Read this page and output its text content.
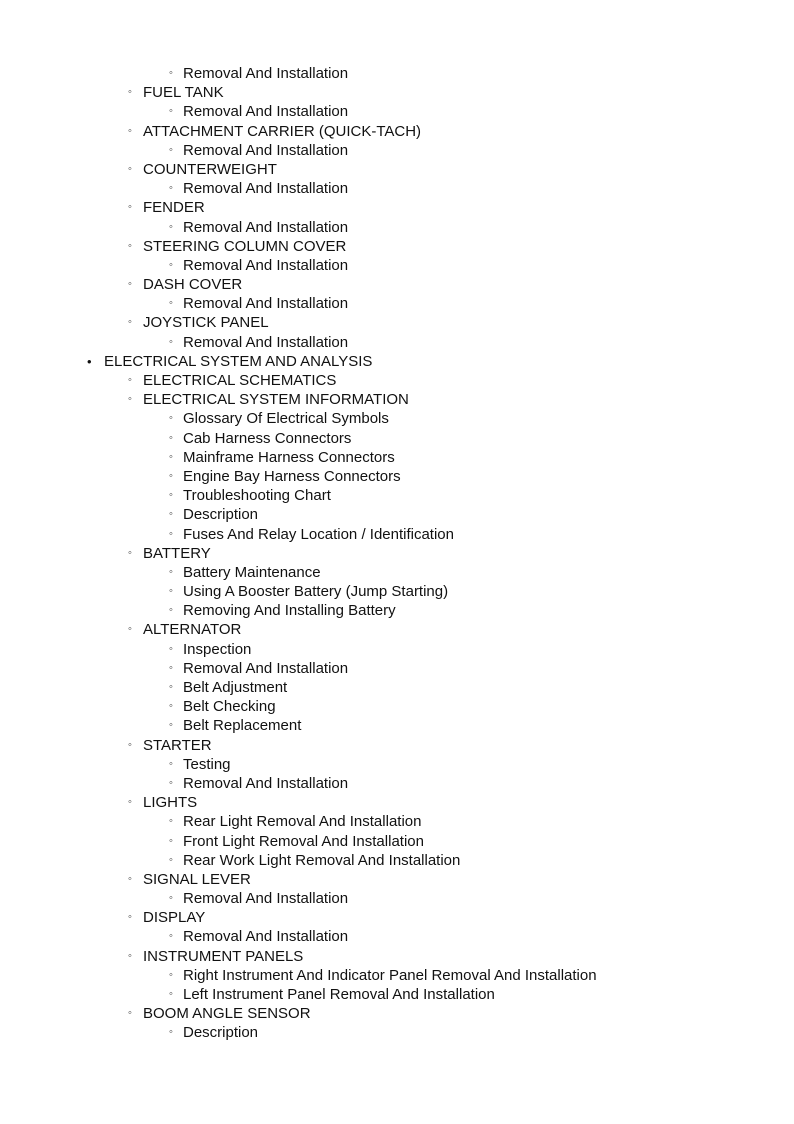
◦ Removal And Installation
◦ FUEL TANK
◦ Removal And Installation
◦ ATTACHMENT CARRIER (QUICK-TACH)
◦ Removal And Installation
◦ COUNTERWEIGHT
◦ Removal And Installation
◦ FENDER
◦ Removal And Installation
◦ STEERING COLUMN COVER
◦ Removal And Installation
◦ DASH COVER
◦ Removal And Installation
◦ JOYSTICK PANEL
◦ Removal And Installation
• ELECTRICAL SYSTEM AND ANALYSIS
◦ ELECTRICAL SCHEMATICS
◦ ELECTRICAL SYSTEM INFORMATION
◦ Glossary Of Electrical Symbols
◦ Cab Harness Connectors
◦ Mainframe Harness Connectors
◦ Engine Bay Harness Connectors
◦ Troubleshooting Chart
◦ Description
◦ Fuses And Relay Location / Identification
◦ BATTERY
◦ Battery Maintenance
◦ Using A Booster Battery (Jump Starting)
◦ Removing And Installing Battery
◦ ALTERNATOR
◦ Inspection
◦ Removal And Installation
◦ Belt Adjustment
◦ Belt Checking
◦ Belt Replacement
◦ STARTER
◦ Testing
◦ Removal And Installation
◦ LIGHTS
◦ Rear Light Removal And Installation
◦ Front Light Removal And Installation
◦ Rear Work Light Removal And Installation
◦ SIGNAL LEVER
◦ Removal And Installation
◦ DISPLAY
◦ Removal And Installation
◦ INSTRUMENT PANELS
◦ Right Instrument And Indicator Panel Removal And Installation
◦ Left Instrument Panel Removal And Installation
◦ BOOM ANGLE SENSOR
◦ Description
